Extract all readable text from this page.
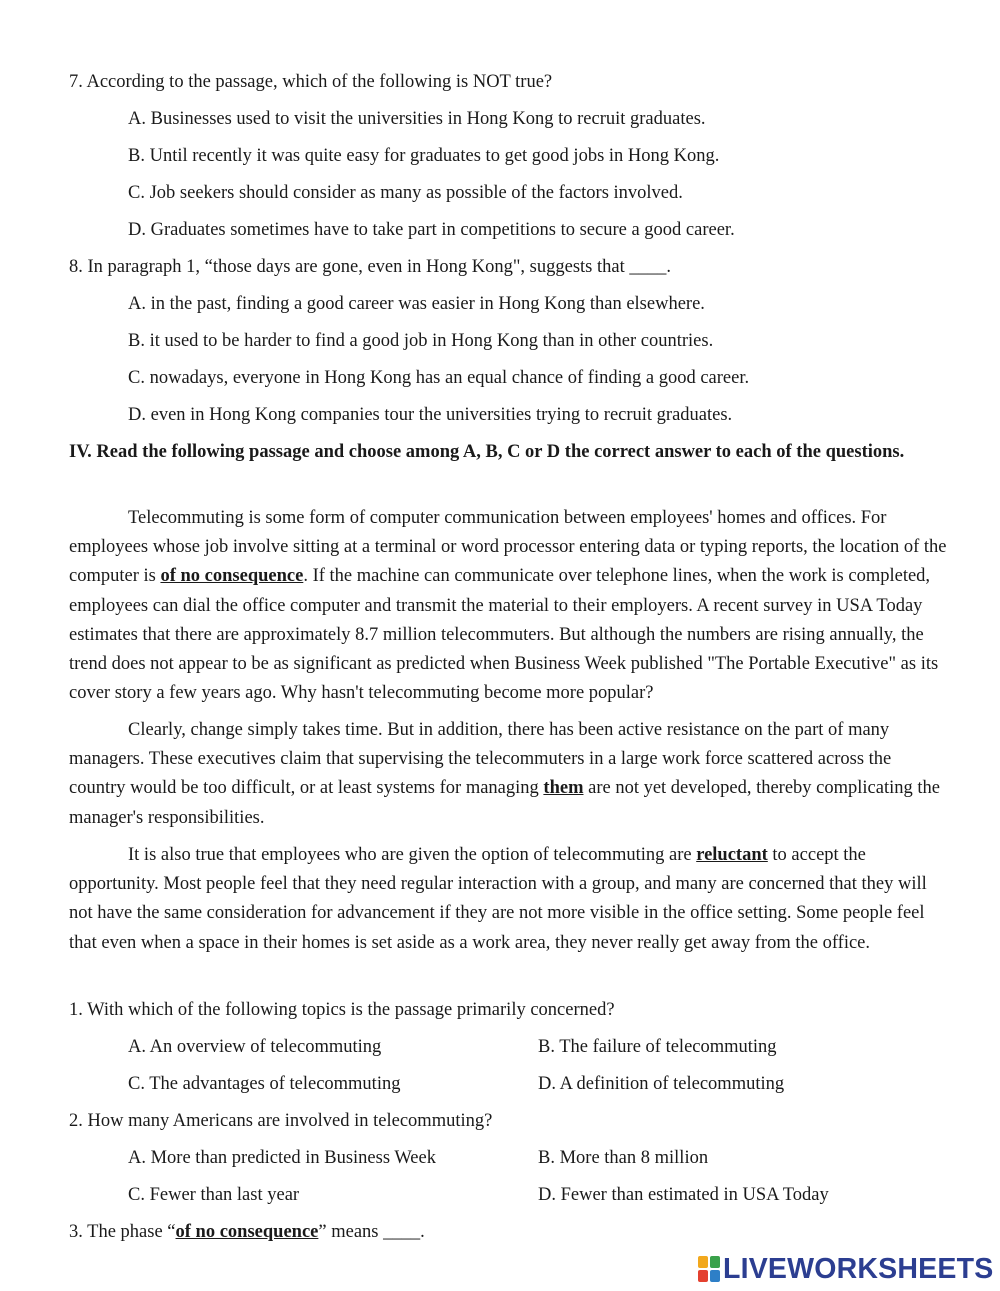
7. According to the passage, which of the following is NOT true?
A. Businesses used to visit the universities in Hong Kong to recruit graduates.
B. Until recently it was quite easy for graduates to get good jobs in Hong Kong.
C. Job seekers should consider as many as possible of the factors involved.
D. Graduates sometimes have to take part in competitions to secure a good career.
8. In paragraph 1, “those days are gone, even in Hong Kong", suggests that ____.
A. in the past, finding a good career was easier in Hong Kong than elsewhere.
B. it used to be harder to find a good job in Hong Kong than in other countries.
C. nowadays, everyone in Hong Kong has an equal chance of finding a good career.
D. even in Hong Kong companies tour the universities trying to recruit graduates.
IV. Read the following passage and choose among A, B, C or D the correct answer to each of the questions.
Telecommuting is some form of computer communication between employees' homes and offices. For employees whose job involve sitting at a terminal or word processor entering data or typing reports, the location of the computer is of no consequence. If the machine can communicate over telephone lines, when the work is completed, employees can dial the office computer and transmit the material to their employers. A recent survey in USA Today estimates that there are approximately 8.7 million telecommuters. But although the numbers are rising annually, the trend does not appear to be as significant as predicted when Business Week published "The Portable Executive" as its cover story a few years ago. Why hasn't telecommuting become more popular?
Clearly, change simply takes time. But in addition, there has been active resistance on the part of many managers. These executives claim that supervising the telecommuters in a large work force scattered across the country would be too difficult, or at least systems for managing them are not yet developed, thereby complicating the manager's responsibilities.
It is also true that employees who are given the option of telecommuting are reluctant to accept the opportunity. Most people feel that they need regular interaction with a group, and many are concerned that they will not have the same consideration for advancement if they are not more visible in the office setting. Some people feel that even when a space in their homes is set aside as a work area, they never really get away from the office.
1. With which of the following topics is the passage primarily concerned?
A. An overview of telecommuting	B. The failure of telecommuting
C. The advantages of telecommuting	D. A definition of telecommuting
2. How many Americans are involved in telecommuting?
A. More than predicted in Business Week	B. More than 8 million
C. Fewer than last year	D. Fewer than estimated in USA Today
3. The phase “of no consequence” means ____.
LIVEWORKSHEETS
